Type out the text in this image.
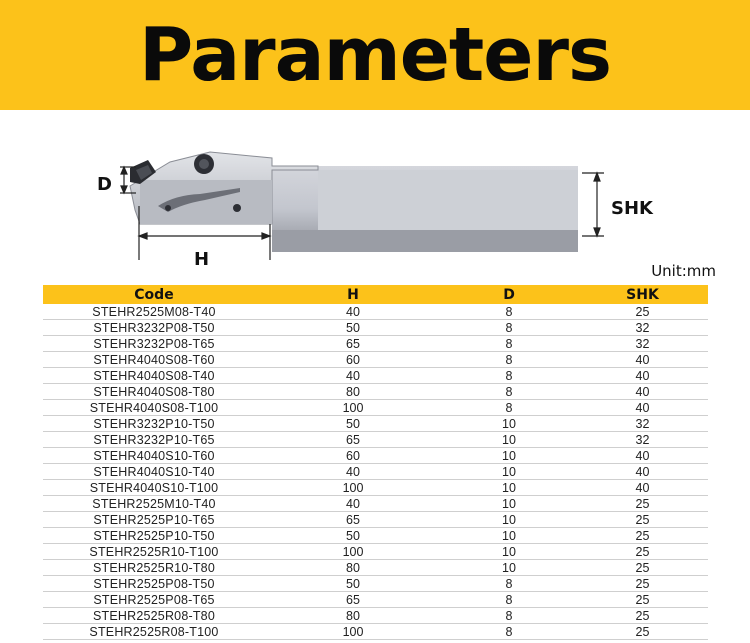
Parameters
D
H
SHK
Unit:mm
Code	H	D	SHK
STEHR2525M08-T40	40	8	25
STEHR3232P08-T50	50	8	32
STEHR3232P08-T65	65	8	32
STEHR4040S08-T60	60	8	40
STEHR4040S08-T40	40	8	40
STEHR4040S08-T80	80	8	40
STEHR4040S08-T100	100	8	40
STEHR3232P10-T50	50	10	32
STEHR3232P10-T65	65	10	32
STEHR4040S10-T60	60	10	40
STEHR4040S10-T40	40	10	40
STEHR4040S10-T100	100	10	40
STEHR2525M10-T40	40	10	25
STEHR2525P10-T65	65	10	25
STEHR2525P10-T50	50	10	25
STEHR2525R10-T100	100	10	25
STEHR2525R10-T80	80	10	25
STEHR2525P08-T50	50	8	25
STEHR2525P08-T65	65	8	25
STEHR2525R08-T80	80	8	25
STEHR2525R08-T100	100	8	25
